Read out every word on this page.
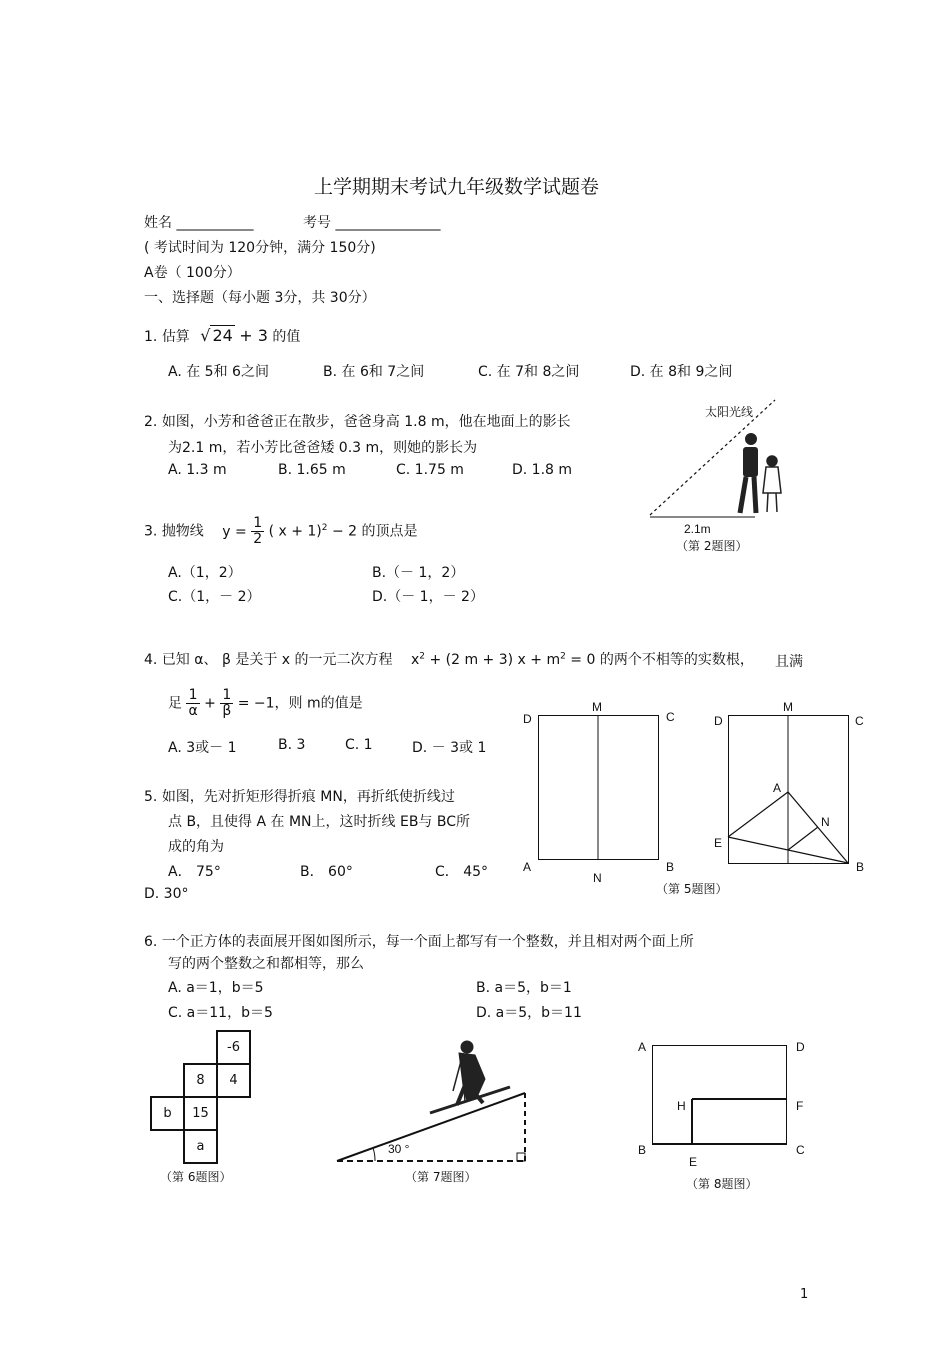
上学期期末考试九年级数学试题卷
姓名 ___________	考号 _______________
( 考试时间为 120分钟，满分 150分)
A卷（ 100分）
一、选择题（每小题 3分，共 30分）
1. 估算 √ 24 + 3 的值
A. 在 5和 6之间	B. 在 6和 7之间	C. 在 7和 8之间	D. 在 8和 9之间
2. 如图，小芳和爸爸正在散步，爸爸身高 1.8 m，他在地面上的影长
为2.1 m，若小芳比爸爸矮 0.3 m，则她的影长为
A. 1.3 m	B. 1.65 m	C. 1.75 m	D. 1.8 m
太阳光线
2.1m
（第 2题图）
3. 抛物线 $y = \frac{1}{2}$ ( x + 1)$^2$ − 2 的顶点是
A.（1，2）	B.（－ 1，2）
C.（1，－ 2）	D.（－ 1，－ 2）
4. 已知 α、 β 是关于 x 的一元二次方程 $x^2 + (2$ m + 3) $x + m^2 = 0$ 的两个不相等的实数根， 且满
足 $\frac{1}{\alpha} + \frac{1}{\beta} = -1$，则 m的值是
A. 3或－ 1	B. 3	C. 1	D. － 3或 1
5. 如图，先对折矩形得折痕 MN，再折纸使折线过
点 B，且使得 A 在 MN上，这时折线 EB与 BC所
成的角为
A． 75°	B． 60°	C． 45°
D. 30°
D
M
C
A	B
N
D
M
C
A
N
E
B
（第 5题图）
6. 一个正方体的表面展开图如图所示，每一个面上都写有一个整数，并且相对两个面上所
写的两个整数之和都相等，那么
A. a＝1，b＝5	B. a＝5，b＝1
C. a＝11，b＝5	D. a＝5，b＝11
		-6
	8	4
b	15	
	a	
（第 6题图）
30 °
（第 7题图）
A	D
H	F
B
E
C
（第 8题图）
1
